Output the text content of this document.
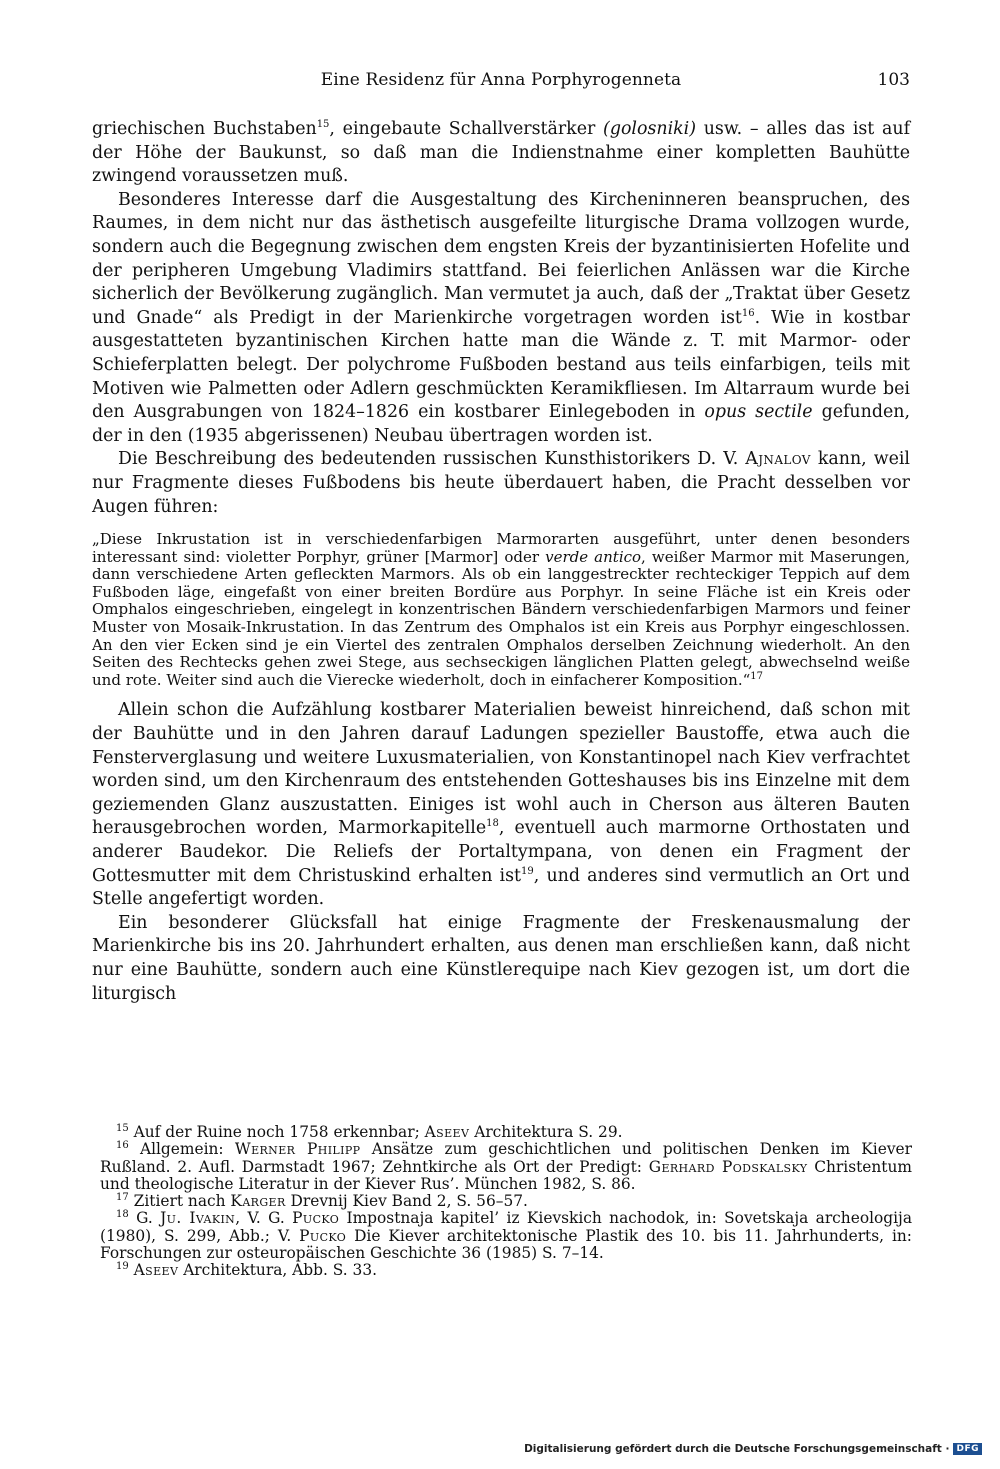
Eine Residenz für Anna Porphyrogenneta	103

griechischen Buchstaben$^{15}$, eingebaute Schallverstärker (golosniki) usw. – alles das ist auf der Höhe der Baukunst, so daß man die Indienstnahme einer kompletten Bauhütte zwingend voraussetzen muß.

Besonderes Interesse darf die Ausgestaltung des Kircheninneren beanspruchen, des Raumes, in dem nicht nur das ästhetisch ausgefeilte liturgische Drama vollzogen wurde, sondern auch die Begegnung zwischen dem engsten Kreis der byzantinisierten Hofelite und der peripheren Umgebung Vladimirs stattfand. Bei feierlichen Anlässen war die Kirche sicherlich der Bevölkerung zugänglich. Man vermutet ja auch, daß der „Traktat über Gesetz und Gnade“ als Predigt in der Marienkirche vorgetragen worden ist$^{16}$. Wie in kostbar ausgestatteten byzantinischen Kirchen hatte man die Wände z. T. mit Marmor- oder Schieferplatten belegt. Der polychrome Fußboden bestand aus teils einfarbigen, teils mit Motiven wie Palmetten oder Adlern geschmückten Keramikfliesen. Im Altarraum wurde bei den Ausgrabungen von 1824–1826 ein kostbarer Einlegeboden in opus sectile gefunden, der in den (1935 abgerissenen) Neubau übertragen worden ist.

Die Beschreibung des bedeutenden russischen Kunsthistorikers D. V. Ajnalov kann, weil nur Fragmente dieses Fußbodens bis heute überdauert haben, die Pracht desselben vor Augen führen:

„Diese Inkrustation ist in verschiedenfarbigen Marmorarten ausgeführt, unter denen besonders interessant sind: violetter Porphyr, grüner [Marmor] oder verde antico, weißer Marmor mit Maserungen, dann verschiedene Arten gefleckten Marmors. Als ob ein langgestreckter rechteckiger Teppich auf dem Fußboden läge, eingefaßt von einer breiten Bordüre aus Porphyr. In seine Fläche ist ein Kreis oder Omphalos eingeschrieben, eingelegt in konzentrischen Bändern verschiedenfarbigen Marmors und feiner Muster von Mosaik-Inkrustation. In das Zentrum des Omphalos ist ein Kreis aus Porphyr eingeschlossen. An den vier Ecken sind je ein Viertel des zentralen Omphalos derselben Zeichnung wiederholt. An den Seiten des Rechtecks gehen zwei Stege, aus sechseckigen länglichen Platten gelegt, abwechselnd weiße und rote. Weiter sind auch die Vierecke wiederholt, doch in einfacherer Komposition.“$^{17}$

Allein schon die Aufzählung kostbarer Materialien beweist hinreichend, daß schon mit der Bauhütte und in den Jahren darauf Ladungen spezieller Baustoffe, etwa auch die Fensterverglasung und weitere Luxusmaterialien, von Konstantinopel nach Kiev verfrachtet worden sind, um den Kirchenraum des entstehenden Gotteshauses bis ins Einzelne mit dem geziemenden Glanz auszustatten. Einiges ist wohl auch in Cherson aus älteren Bauten herausgebrochen worden, Marmorkapitelle$^{18}$, eventuell auch marmorne Orthostaten und anderer Baudekor. Die Reliefs der Portaltympana, von denen ein Fragment der Gottesmutter mit dem Christuskind erhalten ist$^{19}$, und anderes sind vermutlich an Ort und Stelle angefertigt worden.

Ein besonderer Glücksfall hat einige Fragmente der Freskenausmalung der Marienkirche bis ins 20. Jahrhundert erhalten, aus denen man erschließen kann, daß nicht nur eine Bauhütte, sondern auch eine Künstlerequipe nach Kiev gezogen ist, um dort die liturgisch

$^{15}$ Auf der Ruine noch 1758 erkennbar; Aseev Architektura S. 29.

$^{16}$ Allgemein: Werner Philipp Ansätze zum geschichtlichen und politischen Denken im Kiever Rußland. 2. Aufl. Darmstadt 1967; Zehntkirche als Ort der Predigt: Gerhard Podskalsky Christentum und theologische Literatur in der Kiever Rus’. München 1982, S. 86.

$^{17}$ Zitiert nach Karger Drevnij Kiev Band 2, S. 56–57.

$^{18}$ G. Ju. Ivakin, V. G. Pucko Impostnaja kapitel’ iz Kievskich nachodok, in: Sovetskaja archeologija (1980), S. 299, Abb.; V. Pucko Die Kiever architektonische Plastik des 10. bis 11. Jahrhunderts, in: Forschungen zur osteuropäischen Geschichte 36 (1985) S. 7–14.

$^{19}$ Aseev Architektura, Abb. S. 33.

Digitalisierung gefördert durch die Deutsche Forschungsgemeinschaft · DFG
